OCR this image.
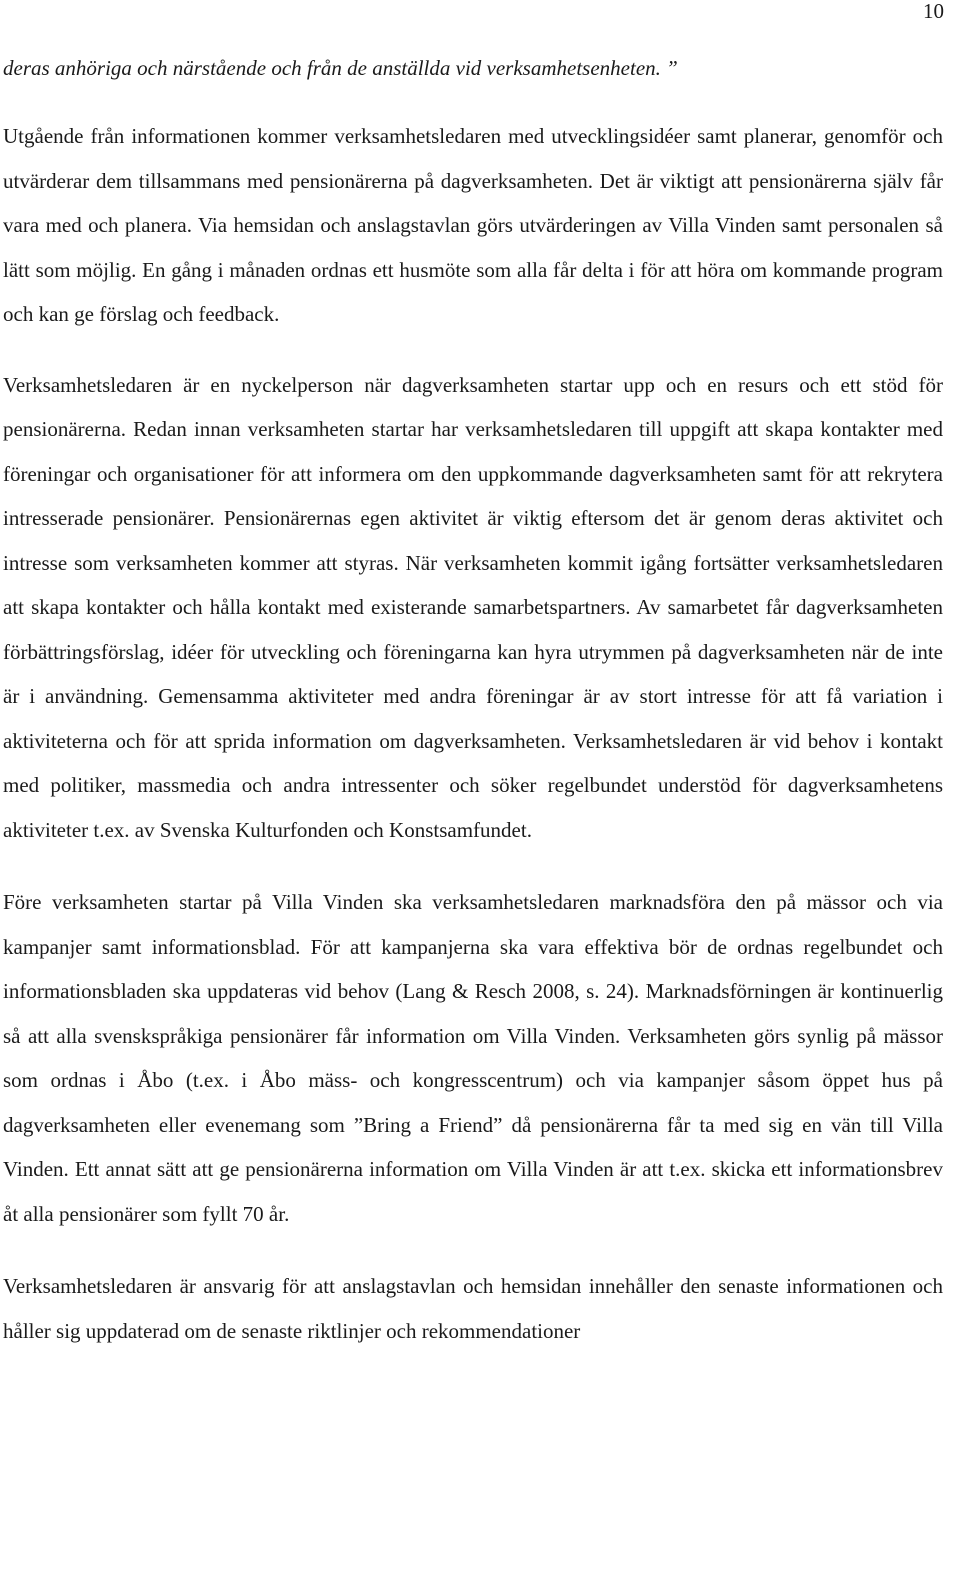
10

deras anhöriga och närstående och från de anställda vid verksamhetsenheten. ”

Utgående från informationen kommer verksamhetsledaren med utvecklingsidéer samt planerar, genomför och utvärderar dem tillsammans med pensionärerna på dagverksamheten. Det är viktigt att pensionärerna själv får vara med och planera. Via hemsidan och anslagstavlan görs utvärderingen av Villa Vinden samt personalen så lätt som möjlig. En gång i månaden ordnas ett husmöte som alla får delta i för att höra om kommande program och kan ge förslag och feedback.

Verksamhetsledaren är en nyckelperson när dagverksamheten startar upp och en resurs och ett stöd för pensionärerna. Redan innan verksamheten startar har verksamhetsledaren till uppgift att skapa kontakter med föreningar och organisationer för att informera om den uppkommande dagverksamheten samt för att rekrytera intresserade pensionärer. Pensionärernas egen aktivitet är viktig eftersom det är genom deras aktivitet och intresse som verksamheten kommer att styras. När verksamheten kommit igång fortsätter verksamhetsledaren att skapa kontakter och hålla kontakt med existerande samarbetspartners. Av samarbetet får dagverksamheten förbättringsförslag, idéer för utveckling och föreningarna kan hyra utrymmen på dagverksamheten när de inte är i användning. Gemensamma aktiviteter med andra föreningar är av stort intresse för att få variation i aktiviteterna och för att sprida information om dagverksamheten. Verksamhetsledaren är vid behov i kontakt med politiker, massmedia och andra intressenter och söker regelbundet understöd för dagverksamhetens aktiviteter t.ex. av Svenska Kulturfonden och Konstsamfundet.

Före verksamheten startar på Villa Vinden ska verksamhetsledaren marknadsföra den på mässor och via kampanjer samt informationsblad. För att kampanjerna ska vara effektiva bör de ordnas regelbundet och informationsbladen ska uppdateras vid behov (Lang & Resch 2008, s. 24). Marknadsförningen är kontinuerlig så att alla svenskspråkiga pensionärer får information om Villa Vinden. Verksamheten görs synlig på mässor som ordnas i Åbo (t.ex. i Åbo mäss- och kongresscentrum) och via kampanjer såsom öppet hus på dagverksamheten eller evenemang som ”Bring a Friend” då pensionärerna får ta med sig en vän till Villa Vinden. Ett annat sätt att ge pensionärerna information om Villa Vinden är att t.ex. skicka ett informationsbrev åt alla pensionärer som fyllt 70 år.

Verksamhetsledaren är ansvarig för att anslagstavlan och hemsidan innehåller den senaste informationen och håller sig uppdaterad om de senaste riktlinjer och rekommendationer
